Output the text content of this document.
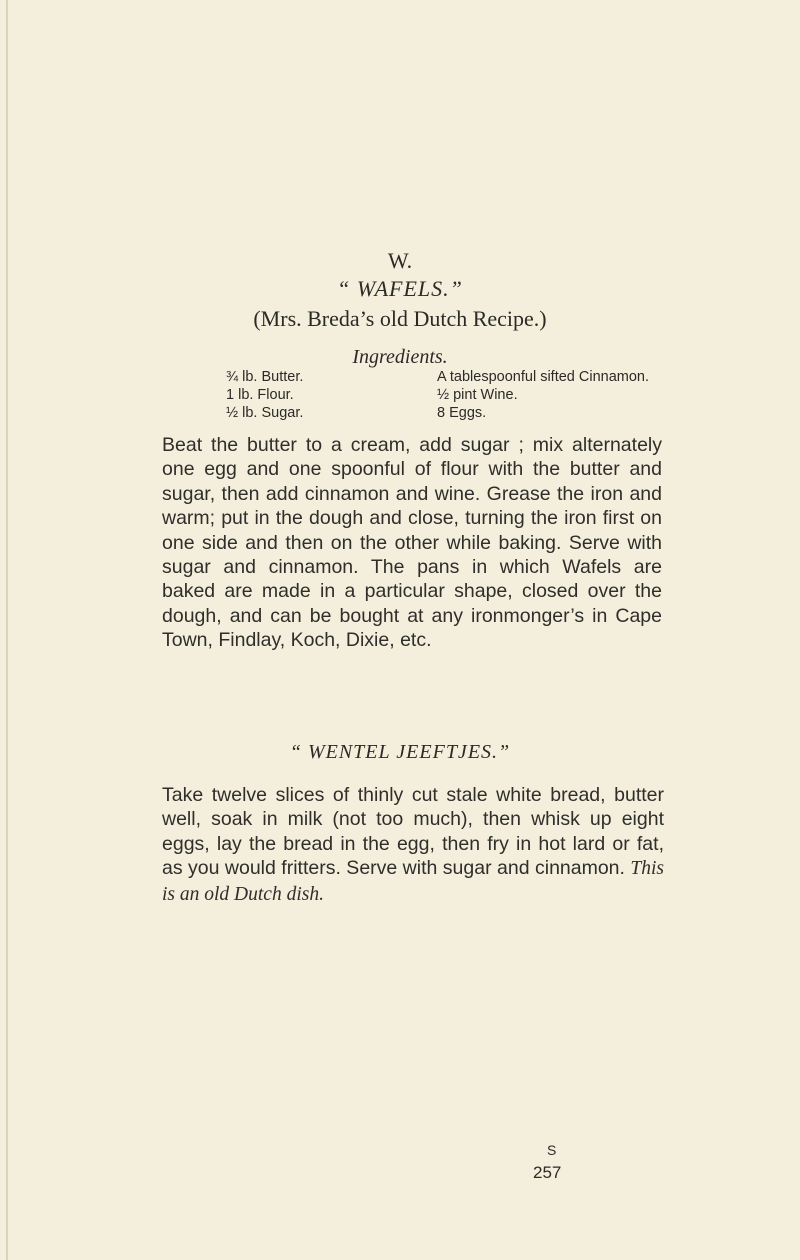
W.
“ WAFELS.”
(Mrs. Breda’s old Dutch Recipe.)
Ingredients.
¾ lb. Butter.
1 lb. Flour.
½ lb. Sugar.
A tablespoonful sifted Cinnamon.
½ pint Wine.
8 Eggs.
Beat the butter to a cream, add sugar ; mix alternately one egg and one spoonful of flour with the butter and sugar, then add cinnamon and wine. Grease the iron and warm; put in the dough and close, turning the iron first on one side and then on the other while baking. Serve with sugar and cinnamon. The pans in which Wafels are baked are made in a particular shape, closed over the dough, and can be bought at any ironmonger’s in Cape Town, Findlay, Koch, Dixie, etc.
“ WENTEL JEEFTJES.”
Take twelve slices of thinly cut stale white bread, butter well, soak in milk (not too much), then whisk up eight eggs, lay the bread in the egg, then fry in hot lard or fat, as you would fritters. Serve with sugar and cinnamon. This is an old Dutch dish.
S
257
